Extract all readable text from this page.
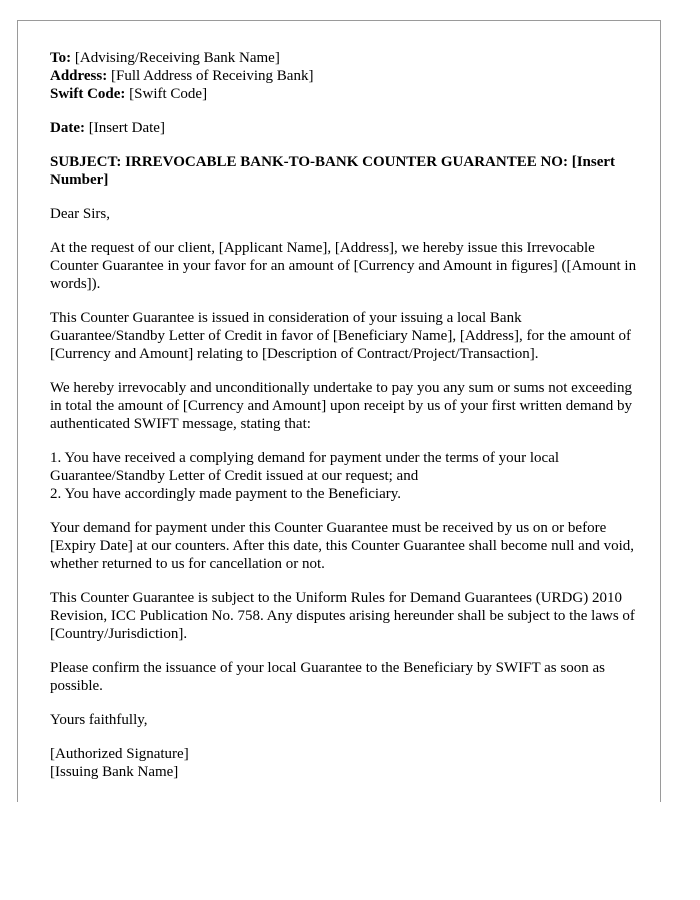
To: [Advising/Receiving Bank Name]
Address: [Full Address of Receiving Bank]
Swift Code: [Swift Code]

Date: [Insert Date]

SUBJECT: IRREVOCABLE BANK-TO-BANK COUNTER GUARANTEE NO: [Insert Number]

Dear Sirs,

At the request of our client, [Applicant Name], [Address], we hereby issue this Irrevocable Counter Guarantee in your favor for an amount of [Currency and Amount in figures] ([Amount in words]).

This Counter Guarantee is issued in consideration of your issuing a local Bank Guarantee/Standby Letter of Credit in favor of [Beneficiary Name], [Address], for the amount of [Currency and Amount] relating to [Description of Contract/Project/Transaction].

We hereby irrevocably and unconditionally undertake to pay you any sum or sums not exceeding in total the amount of [Currency and Amount] upon receipt by us of your first written demand by authenticated SWIFT message, stating that:

1. You have received a complying demand for payment under the terms of your local Guarantee/Standby Letter of Credit issued at our request; and
2. You have accordingly made payment to the Beneficiary.

Your demand for payment under this Counter Guarantee must be received by us on or before [Expiry Date] at our counters. After this date, this Counter Guarantee shall become null and void, whether returned to us for cancellation or not.

This Counter Guarantee is subject to the Uniform Rules for Demand Guarantees (URDG) 2010 Revision, ICC Publication No. 758. Any disputes arising hereunder shall be subject to the laws of [Country/Jurisdiction].

Please confirm the issuance of your local Guarantee to the Beneficiary by SWIFT as soon as possible.

Yours faithfully,

[Authorized Signature]
[Issuing Bank Name]
